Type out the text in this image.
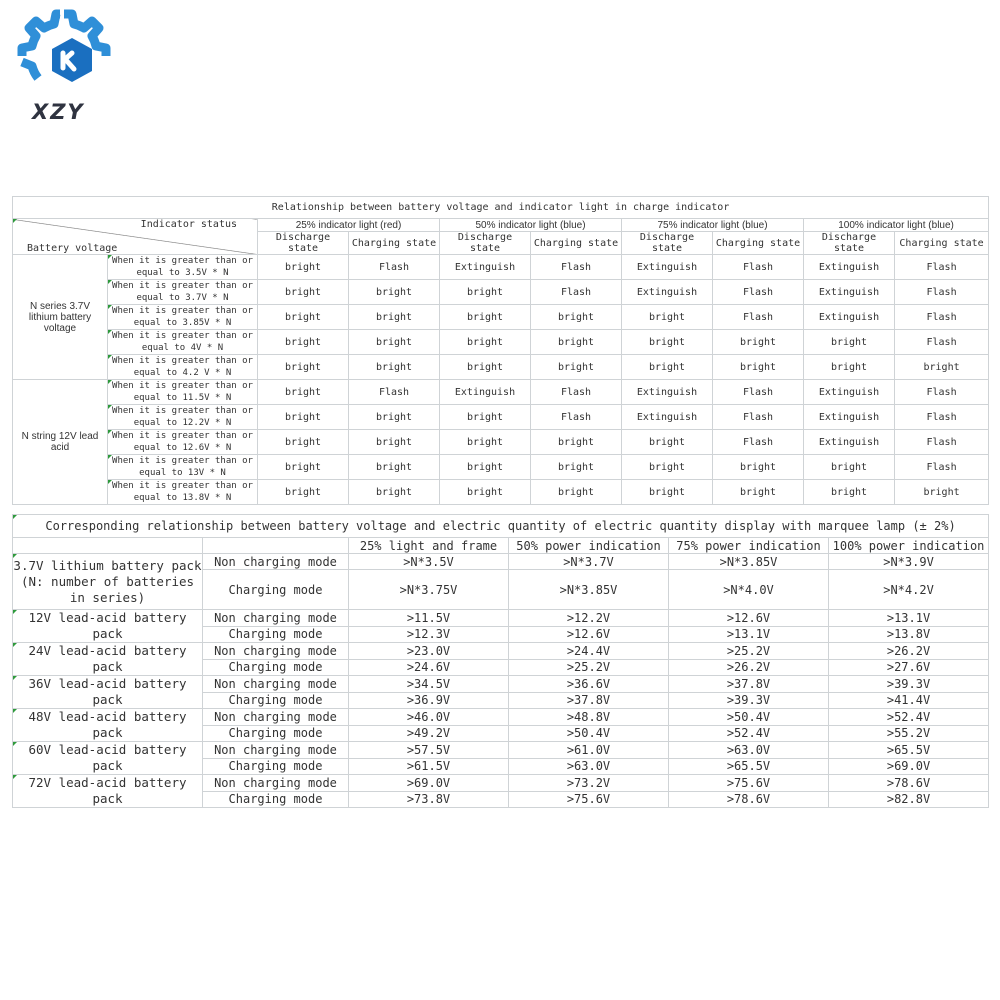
XZY
Relationship between battery voltage and indicator light in charge indicator									

Indicator status
Battery voltage		25% indicator light (red)		50% indicator light (blue)		75% indicator light (blue)		100% indicator light (blue)	
		Discharge state	Charging state	Discharge state	Charging state	Discharge state	Charging state	Discharge state	Charging state
N series 3.7V lithium battery voltage	When it is greater than or equal to 3.5V * N	bright	Flash	Extinguish	Flash	Extinguish	Flash	Extinguish	Flash

When it is greater than or equal to 3.7V * N	bright	bright	bright	Flash	Extinguish	Flash	Extinguish	Flash

When it is greater than or equal to 3.85V * N	bright	bright	bright	bright	bright	Flash	Extinguish	Flash

When it is greater than or equal to 4V * N	bright	bright	bright	bright	bright	bright	bright	Flash

When it is greater than or equal to 4.2 V * N	bright	bright	bright	bright	bright	bright	bright	bright
N string 12V lead acid	When it is greater than or equal to 11.5V * N	bright	Flash	Extinguish	Flash	Extinguish	Flash	Extinguish	Flash

When it is greater than or equal to 12.2V * N	bright	bright	bright	Flash	Extinguish	Flash	Extinguish	Flash

When it is greater than or equal to 12.6V * N	bright	bright	bright	bright	bright	Flash	Extinguish	Flash

When it is greater than or equal to 13V * N	bright	bright	bright	bright	bright	bright	bright	Flash

When it is greater than or equal to 13.8V * N	bright	bright	bright	bright	bright	bright	bright	bright
Corresponding relationship between battery voltage and electric quantity of electric quantity display with marquee lamp (± 2%)					

		25% light and frame	50% power indication	75% power indication	100% power indication

3.7V lithium battery pack (N: number of batteries in series)	Non charging mode	>N*3.5V	>N*3.7V	>N*3.85V	>N*3.9V
	Charging mode	>N*3.75V	>N*3.85V	>N*4.0V	>N*4.2V

12V lead-acid battery pack	Non charging mode	>11.5V	>12.2V	>12.6V	>13.1V
	Charging mode	>12.3V	>12.6V	>13.1V	>13.8V

24V lead-acid battery pack	Non charging mode	>23.0V	>24.4V	>25.2V	>26.2V
	Charging mode	>24.6V	>25.2V	>26.2V	>27.6V

36V lead-acid battery pack	Non charging mode	>34.5V	>36.6V	>37.8V	>39.3V
	Charging mode	>36.9V	>37.8V	>39.3V	>41.4V

48V lead-acid battery pack	Non charging mode	>46.0V	>48.8V	>50.4V	>52.4V
	Charging mode	>49.2V	>50.4V	>52.4V	>55.2V

60V lead-acid battery pack	Non charging mode	>57.5V	>61.0V	>63.0V	>65.5V
	Charging mode	>61.5V	>63.0V	>65.5V	>69.0V

72V lead-acid battery pack	Non charging mode	>69.0V	>73.2V	>75.6V	>78.6V
	Charging mode	>73.8V	>75.6V	>78.6V	>82.8V
